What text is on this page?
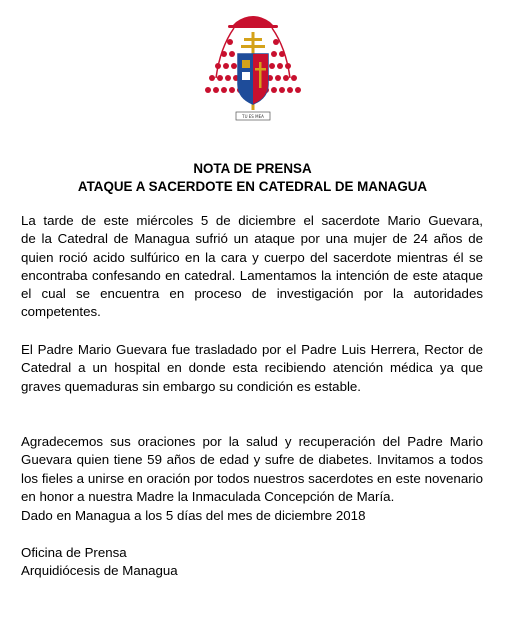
TU ES MEA
NOTA DE PRENSA
ATAQUE A SACERDOTE EN CATEDRAL DE MANAGUA
La tarde de este miércoles 5 de diciembre el sacerdote Mario Guevara,
de la Catedral de Managua sufrió un ataque por una mujer de 24 años de
quien roció acido sulfúrico en la cara y cuerpo del sacerdote mientras él se
encontraba confesando en catedral. Lamentamos la intención de este ataque
el cual se encuentra en proceso de investigación por la autoridades
competentes.
El Padre Mario Guevara fue trasladado por el Padre Luis Herrera, Rector de
Catedral a un hospital en donde esta recibiendo atención médica ya que
graves quemaduras sin embargo su condición es estable.
Agradecemos sus oraciones por la salud y recuperación del Padre Mario
Guevara quien tiene 59 años de edad y sufre de diabetes. Invitamos a todos
los fieles a unirse en oración por todos nuestros sacerdotes en este novenario
en honor a nuestra Madre la Inmaculada Concepción de María.
Dado en Managua a los 5 días del mes de diciembre 2018
Oficina de Prensa
Arquidiócesis de Managua
